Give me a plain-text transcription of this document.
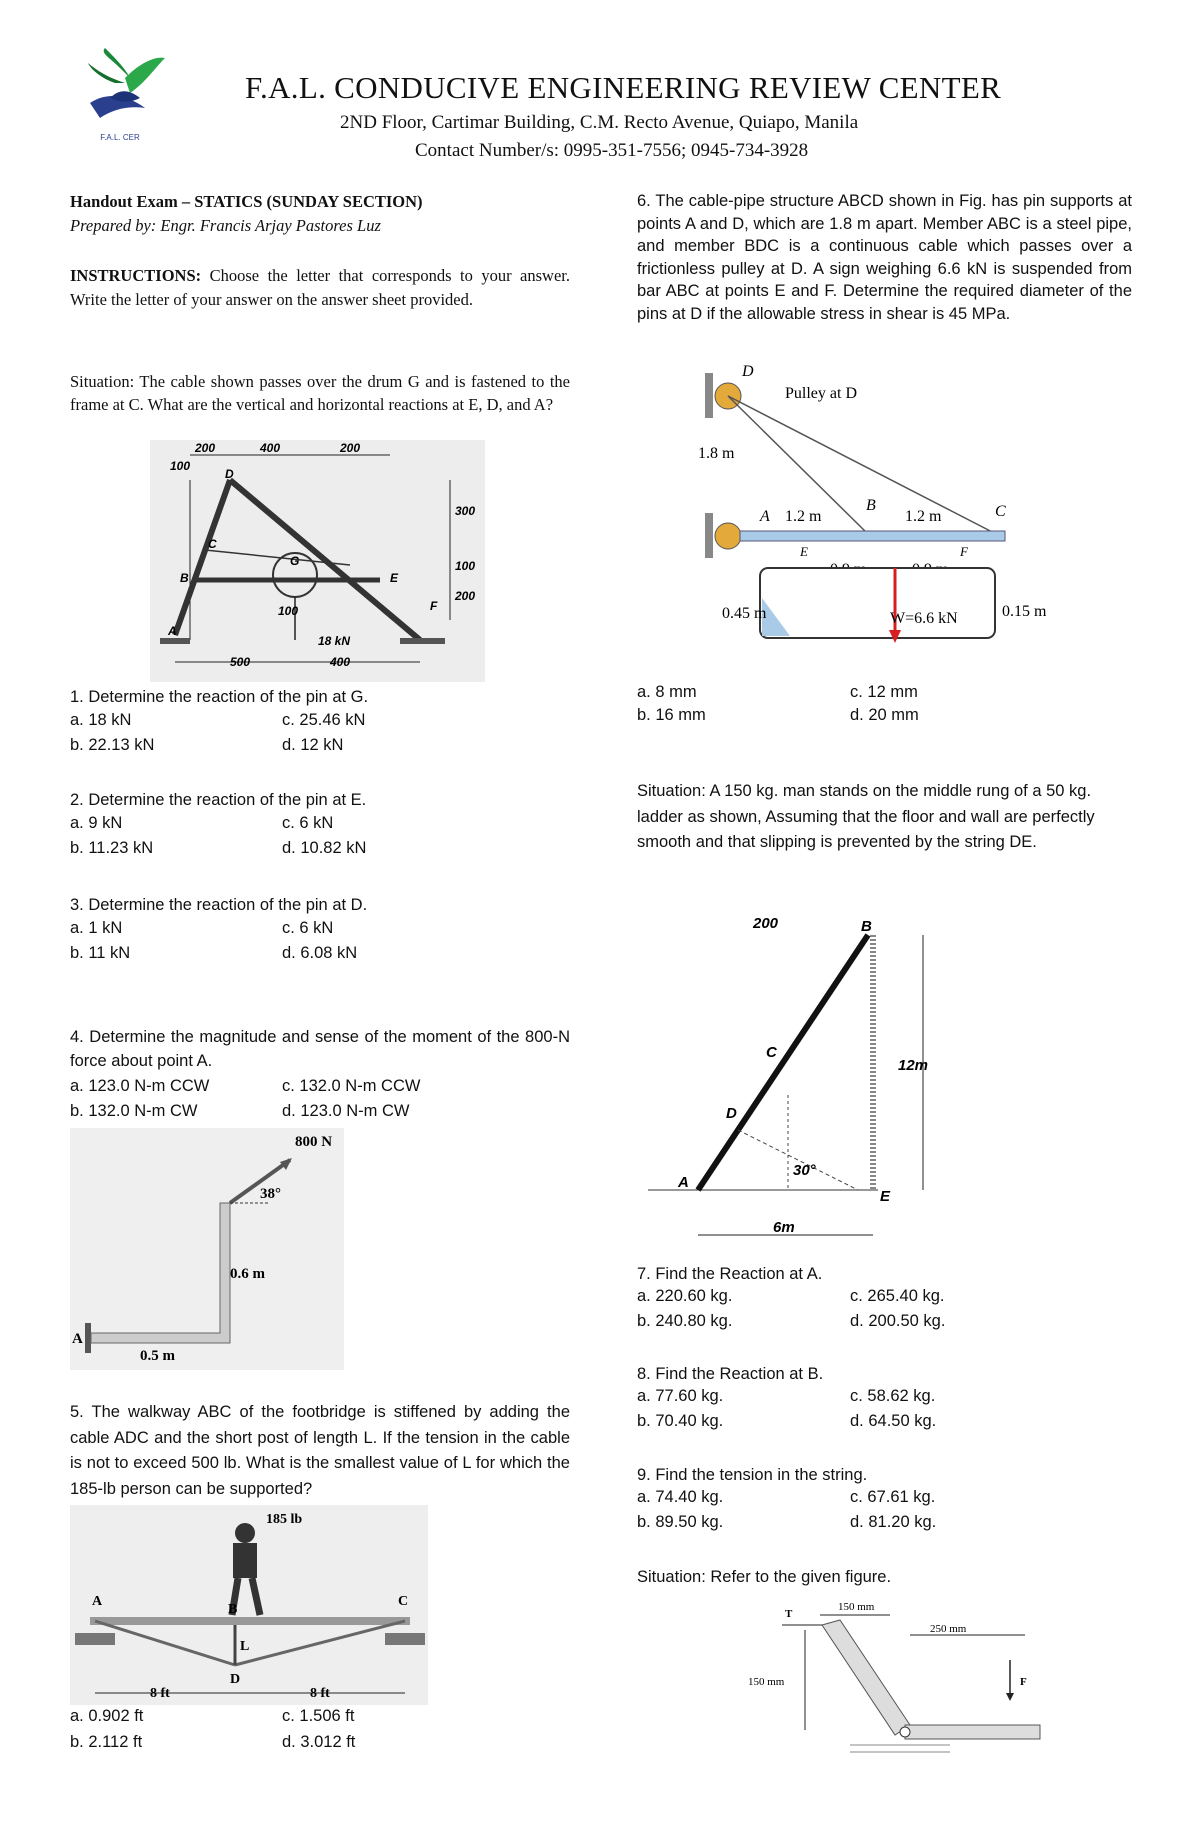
F.A.L. CER
F.A.L. CONDUCIVE ENGINEERING REVIEW CENTER
2ND Floor, Cartimar Building, C.M. Recto Avenue, Quiapo, Manila
Contact Number/s: 0995-351-7556; 0945-734-3928
Handout Exam – STATICS (SUNDAY SECTION)
Prepared by: Engr. Francis Arjay Pastores Luz
INSTRUCTIONS: Choose the letter that corresponds to your answer. Write the letter of your answer on the answer sheet provided.
Situation: The cable shown passes over the drum G and is fastened to the frame at C. What are the vertical and horizontal reactions at E, D, and A?
100
200	400	200
D
C
B
G
E
F
A
300
100
200
18 kN
100
500	400
1. Determine the reaction of the pin at G.
a. 18 kN	c. 25.46 kN
b. 22.13 kN	d. 12 kN
2. Determine the reaction of the pin at E.
a. 9 kN	c. 6 kN
b. 11.23 kN	d. 10.82 kN
3. Determine the reaction of the pin at D.
a. 1 kN	c. 6 kN
b. 11 kN	d. 6.08 kN
4. Determine the magnitude and sense of the moment of the 800-N force about point A.
a. 123.0 N-m CCW	c. 132.0 N-m CCW
b. 132.0 N-m CW	d. 123.0 N-m CW
A
800 N
38°
0.6 m
0.5 m
5. The walkway ABC of the footbridge is stiffened by adding the cable ADC and the short post of length L. If the tension in the cable is not to exceed 500 lb. What is the smallest value of L for which the 185-lb person can be supported?
185 lb
A
B
C
D
L
8 ft	8 ft
a. 0.902 ft	c. 1.506 ft
b. 2.112 ft	d. 3.012 ft
6. The cable-pipe structure ABCD shown in Fig. has pin supports at points A and D, which are 1.8 m apart. Member ABC is a steel pipe, and member BDC is a continuous cable which passes over a frictionless pulley at D. A sign weighing 6.6 kN is suspended from bar ABC at points E and F. Determine the required diameter of the pins at D if the allowable stress in shear is 45 MPa.
D
Pulley at D
1.8 m
A
B	C
1.2 m	1.2 m
E	F
0.45 m	0.15 m
W=6.6 kN
a. 8 mm	c. 12 mm
b. 16 mm	d. 20 mm
Situation: A 150 kg. man stands on the middle rung of a 50 kg. ladder as shown, Assuming that the floor and wall are perfectly smooth and that slipping is prevented by the string DE.
200	B
C
D
A
E
30°
12m
6m
7. Find the Reaction at A.
a. 220.60 kg.	c. 265.40 kg.
b. 240.80 kg.	d. 200.50 kg.
8. Find the Reaction at B.
a. 77.60 kg.	c. 58.62 kg.
b. 70.40 kg.	d. 64.50 kg.
9. Find the tension in the string.
a. 74.40 kg.	c. 67.61 kg.
b. 89.50 kg.	d. 81.20 kg.
Situation: Refer to the given figure.
150 mm
250 mm
T
150 mm	F
